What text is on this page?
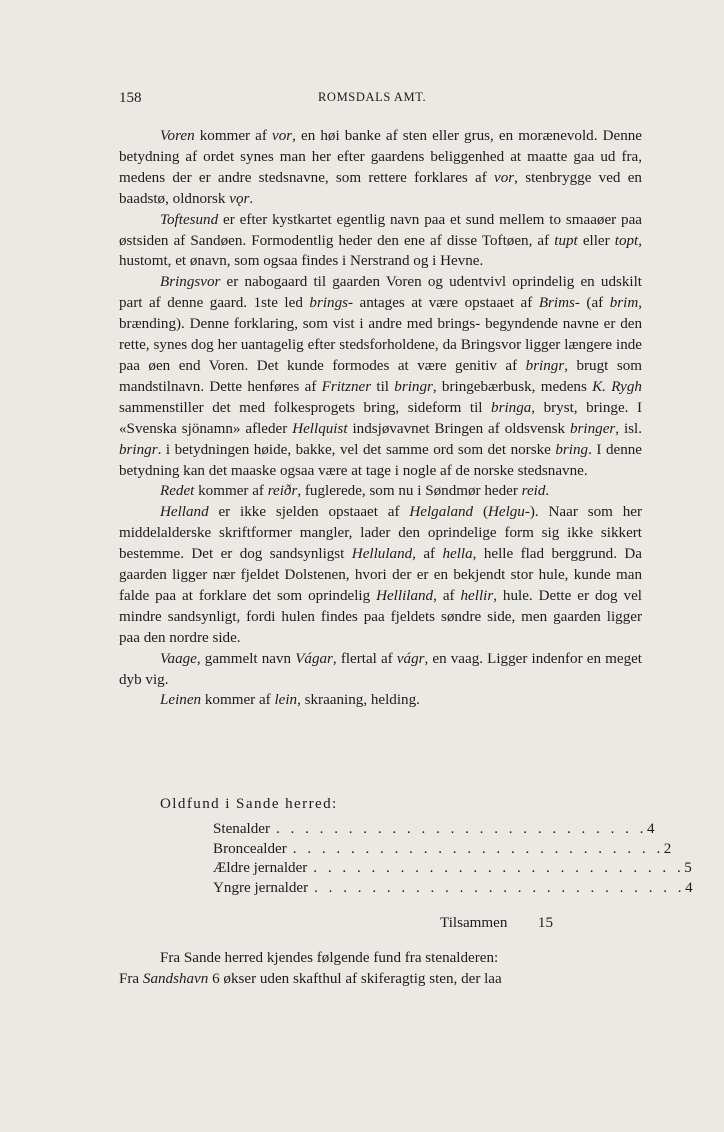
158	ROMSDALS AMT.

Voren kommer af vor, en høi banke af sten eller grus, en morænevold. Denne betydning af ordet synes man her efter gaardens beliggenhed at maatte gaa ud fra, medens der er andre stedsnavne, som rettere forklares af vor, stenbrygge ved en baadstø, oldnorsk vǫr.

Toftesund er efter kystkartet egentlig navn paa et sund mellem to smaaøer paa østsiden af Sandøen. Formodentlig heder den ene af disse Toftøen, af tupt eller topt, hustomt, et ønavn, som ogsaa findes i Nerstrand og i Hevne.

Bringsvor er nabogaard til gaarden Voren og udentvivl oprindelig en udskilt part af denne gaard. 1ste led brings- antages at være opstaaet af Brims- (af brim, brænding). Denne forklaring, som vist i andre med brings- begyndende navne er den rette, synes dog her uantagelig efter stedsforholdene, da Bringsvor ligger længere inde paa øen end Voren. Det kunde formodes at være genitiv af bringr, brugt som mandstilnavn. Dette henføres af Fritzner til bringr, bringebærbusk, medens K. Rygh sammenstiller det med folkesprogets bring, sideform til bringa, bryst, bringe. I «Svenska sjönamn» afleder Hellquist indsjøvavnet Bringen af oldsvensk bringer, isl. bringr. i betydningen høide, bakke, vel det samme ord som det norske bring. I denne betydning kan det maaske ogsaa være at tage i nogle af de norske stedsnavne.

Redet kommer af reiðr, fuglerede, som nu i Søndmør heder reid.

Helland er ikke sjelden opstaaet af Helgaland (Helgu-). Naar som her middelalderske skriftformer mangler, lader den oprindelige form sig ikke sikkert bestemme. Det er dog sandsynligst Helluland, af hella, helle flad berggrund. Da gaarden ligger nær fjeldet Dolstenen, hvori der er en bekjendt stor hule, kunde man falde paa at forklare det som oprindelig Helliland, af hellir, hule. Dette er dog vel mindre sandsynligt, fordi hulen findes paa fjeldets søndre side, men gaarden ligger paa den nordre side.

Vaage, gammelt navn Vágar, flertal af vágr, en vaag. Ligger indenfor en meget dyb vig.

Leinen kommer af lein, skraaning, helding.

Oldfund i Sande herred:
Stenalder . . . . . . . . . . . . . . . . . . . . . . . . . . 4
Broncealder . . . . . . . . . . . . . . . . . . . . . . . . . . 2
Ældre jernalder . . . . . . . . . . . . . . . . . . . . . . . . . . 5
Yngre jernalder . . . . . . . . . . . . . . . . . . . . . . . . . . 4
Tilsammen 15

Fra Sande herred kjendes følgende fund fra stenalderen:

Fra Sandshavn 6 økser uden skafthul af skiferagtig sten, der laa
